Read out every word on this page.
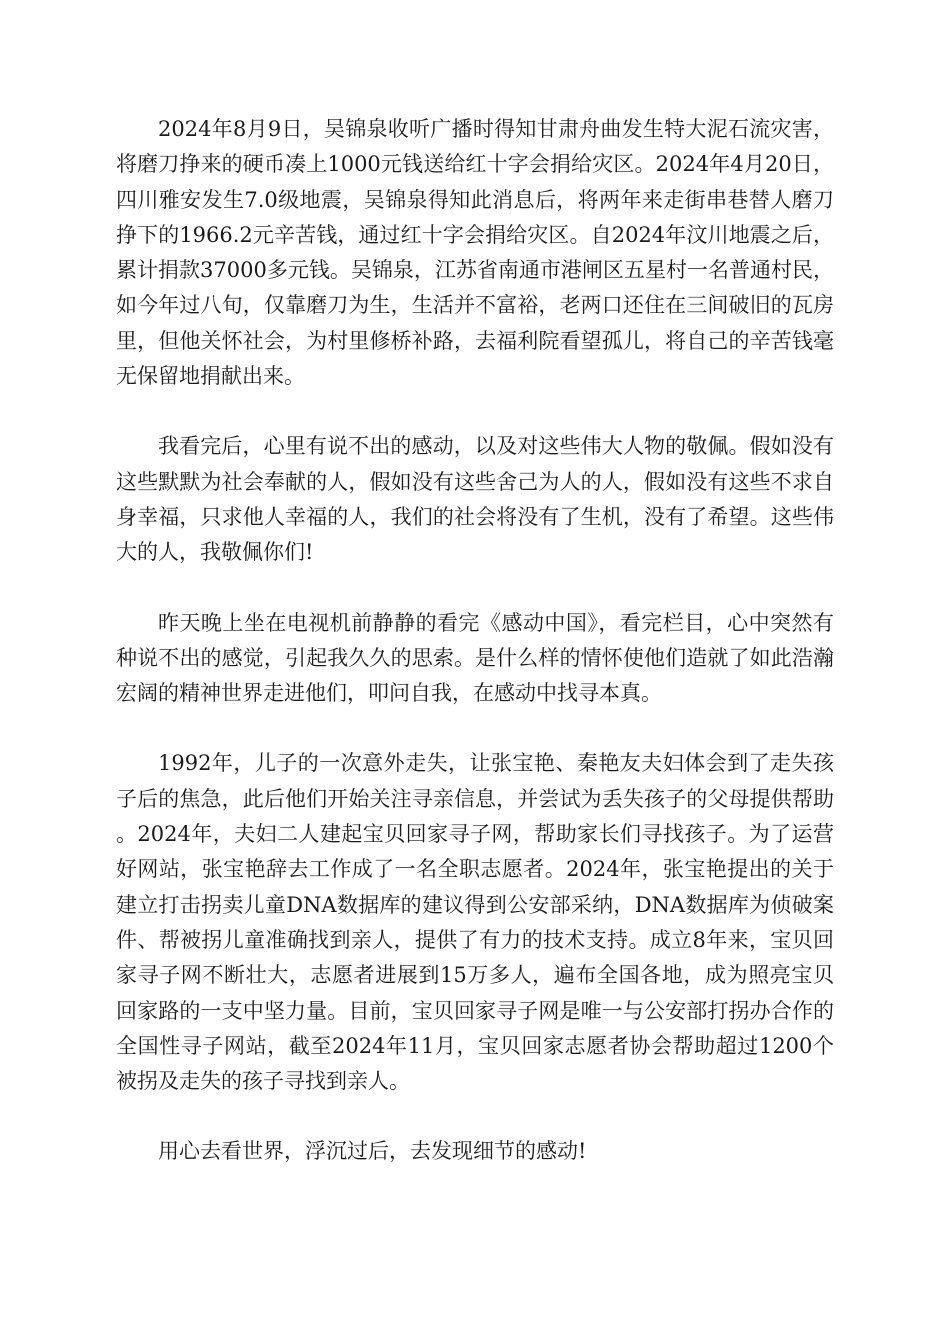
2024年8月9日，吴锦泉收听广播时得知甘肃舟曲发生特大泥石流灾害，将磨刀挣来的硬币凑上1000元钱送给红十字会捐给灾区。2024年4月20日，四川雅安发生7.0级地震，吴锦泉得知此消息后，将两年来走街串巷替人磨刀挣下的1966.2元辛苦钱，通过红十字会捐给灾区。自2024年汶川地震之后，累计捐款37000多元钱。吴锦泉，江苏省南通市港闸区五星村一名普通村民，如今年过八旬，仅靠磨刀为生，生活并不富裕，老两口还住在三间破旧的瓦房里，但他关怀社会，为村里修桥补路，去福利院看望孤儿，将自己的辛苦钱毫无保留地捐献出来。

我看完后，心里有说不出的感动，以及对这些伟大人物的敬佩。假如没有这些默默为社会奉献的人，假如没有这些舍己为人的人，假如没有这些不求自身幸福，只求他人幸福的人，我们的社会将没有了生机，没有了希望。这些伟大的人，我敬佩你们!

昨天晚上坐在电视机前静静的看完《感动中国》，看完栏目，心中突然有种说不出的感觉，引起我久久的思索。是什么样的情怀使他们造就了如此浩瀚宏阔的精神世界走进他们，叩问自我，在感动中找寻本真。

1992年，儿子的一次意外走失，让张宝艳、秦艳友夫妇体会到了走失孩子后的焦急，此后他们开始关注寻亲信息，并尝试为丢失孩子的父母提供帮助。2024年，夫妇二人建起宝贝回家寻子网，帮助家长们寻找孩子。为了运营好网站，张宝艳辞去工作成了一名全职志愿者。2024年，张宝艳提出的关于建立打击拐卖儿童DNA数据库的建议得到公安部采纳，DNA数据库为侦破案件、帮被拐儿童准确找到亲人，提供了有力的技术支持。成立8年来，宝贝回家寻子网不断壮大，志愿者进展到15万多人，遍布全国各地，成为照亮宝贝回家路的一支中坚力量。目前，宝贝回家寻子网是唯一与公安部打拐办合作的全国性寻子网站，截至2024年11月，宝贝回家志愿者协会帮助超过1200个被拐及走失的孩子寻找到亲人。

用心去看世界，浮沉过后，去发现细节的感动!
